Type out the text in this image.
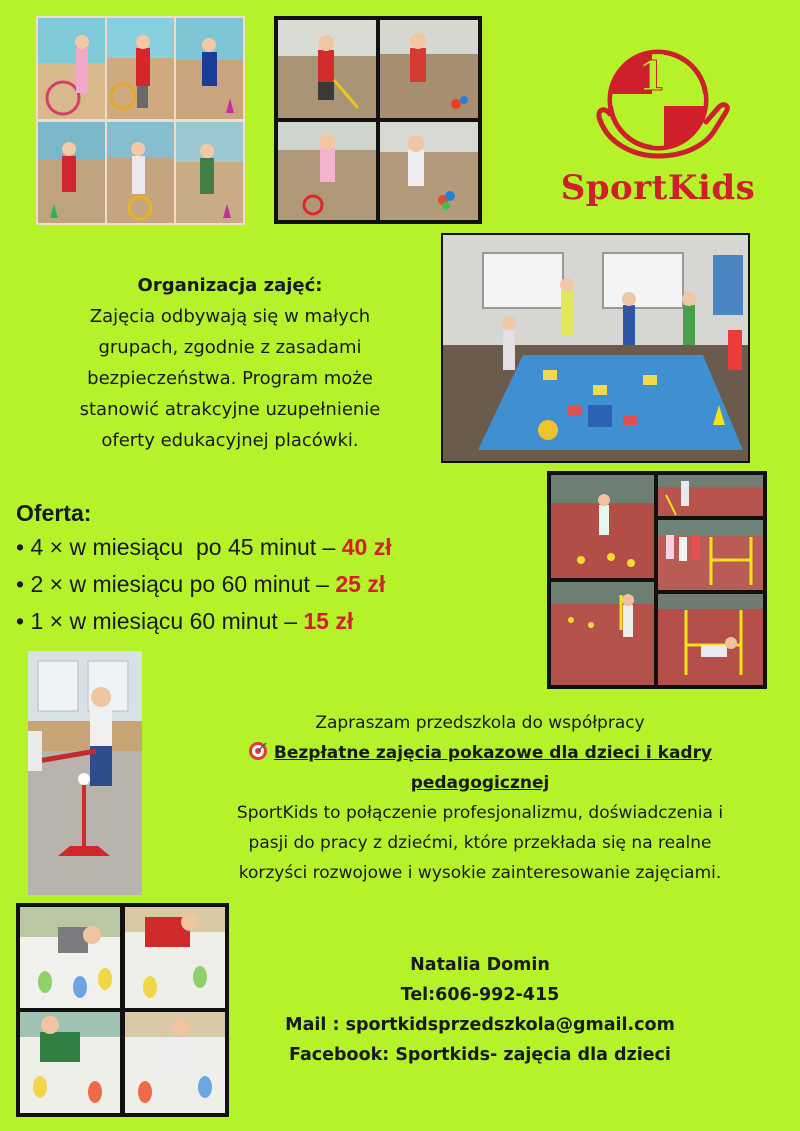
1
SportKids
Organizacja zajęć:
Zajęcia odbywają się w małych
grupach, zgodnie z zasadami
bezpieczeństwa. Program może
stanowić atrakcyjne uzupełnienie
oferty edukacyjnej placówki.
Oferta:
• 4 × w miesiącu  po 45 minut – 40 zł
• 2 × w miesiącu po 60 minut – 25 zł
• 1 × w miesiącu 60 minut – 15 zł
Zapraszam przedszkola do współpracy
Bezpłatne zajęcia pokazowe dla dzieci i kadry
pedagogicznej
SportKids to połączenie profesjonalizmu, doświadczenia i
pasji do pracy z dziećmi, które przekłada się na realne
korzyści rozwojowe i wysokie zainteresowanie zajęciami.
Natalia Domin
Tel:606-992-415
Mail : sportkidsprzedszkola@gmail.com
Facebook: Sportkids- zajęcia dla dzieci
